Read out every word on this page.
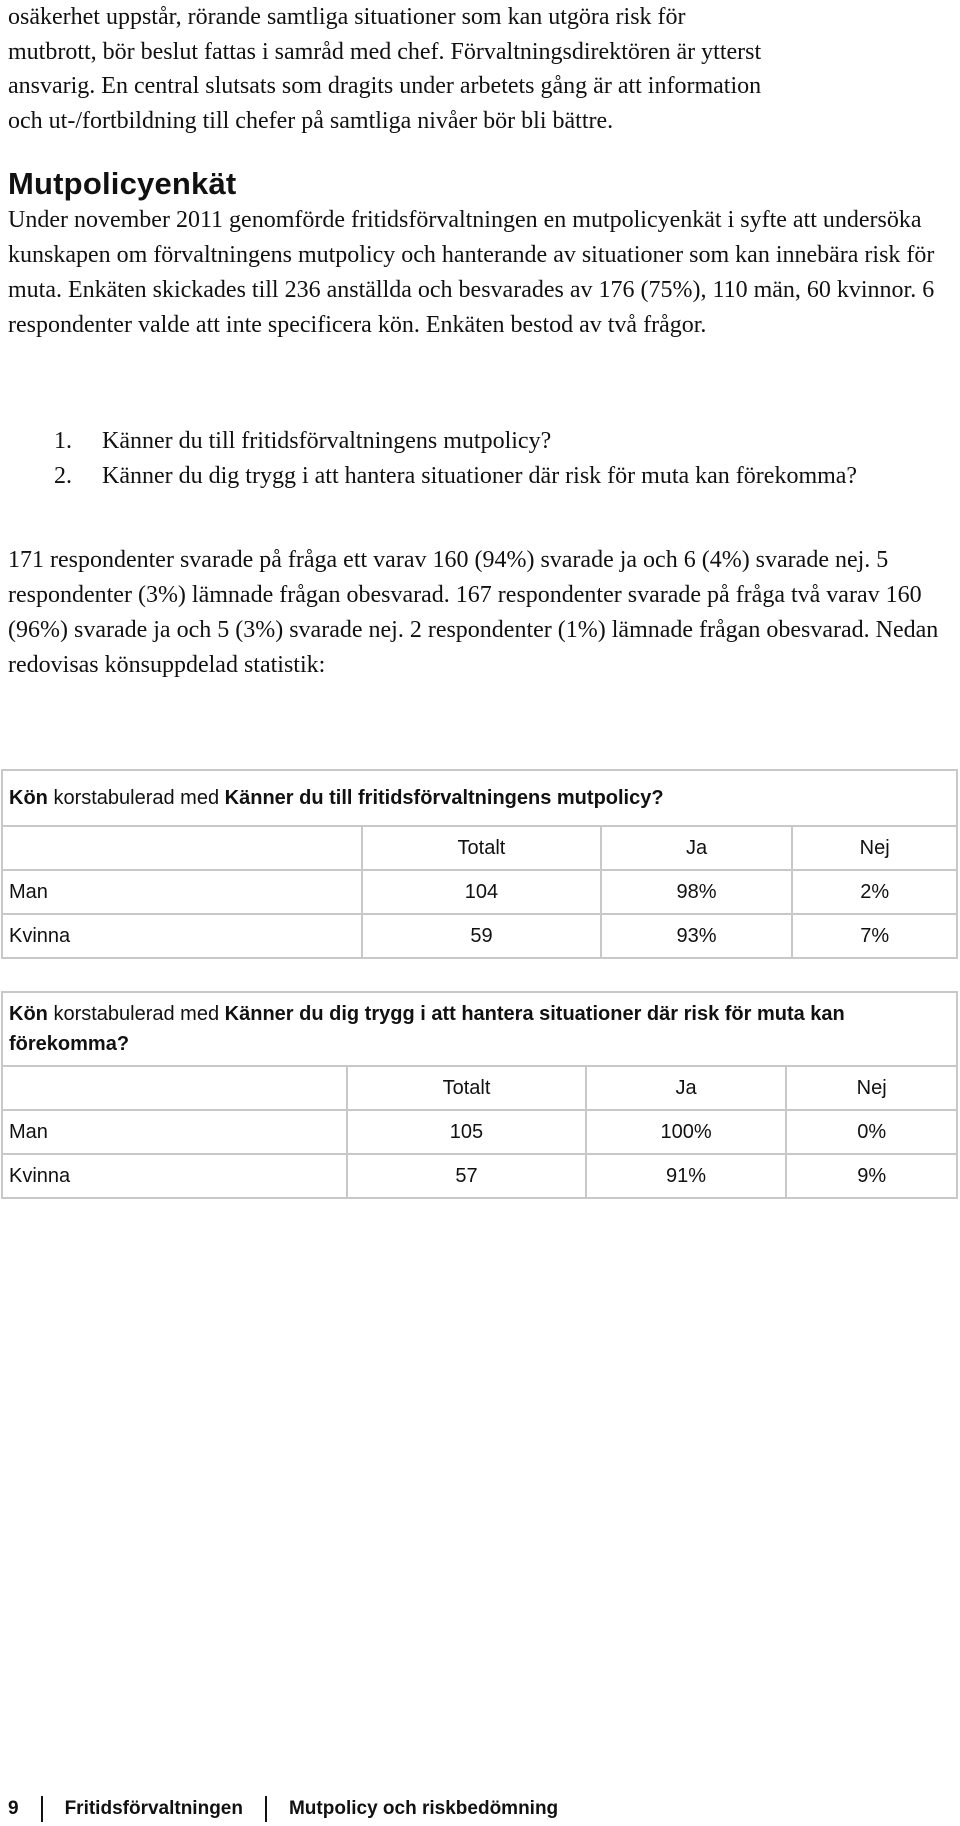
osäkerhet uppstår, rörande samtliga situationer som kan utgöra risk för

mutbrott, bör beslut fattas i samråd med chef. Förvaltningsdirektören är ytterst

ansvarig. En central slutsats som dragits under arbetets gång är att information

och ut-/fortbildning till chefer på samtliga nivåer bör bli bättre.

Mutpolicyenkät

Under november 2011 genomförde fritidsförvaltningen en mutpolicyenkät i syfte att undersöka kunskapen om förvaltningens mutpolicy och hanterande av situationer som kan innebära risk för muta. Enkäten skickades till 236 anställda och besvarades av 176 (75%), 110 män, 60 kvinnor. 6 respondenter valde att inte specificera kön. Enkäten bestod av två frågor.

1. Känner du till fritidsförvaltningens mutpolicy?
2. Känner du dig trygg i att hantera situationer där risk för muta kan förekomma?

171 respondenter svarade på fråga ett varav 160 (94%) svarade ja och 6 (4%) svarade nej. 5 respondenter (3%) lämnade frågan obesvarad. 167 respondenter svarade på fråga två varav 160 (96%) svarade ja och 5 (3%) svarade nej. 2 respondenter (1%) lämnade frågan obesvarad. Nedan redovisas könsuppdelad statistik:

Kön korstabulerad med Känner du till fritidsförvaltningens mutpolicy?			
	Totalt	Ja	Nej
Man	104	98%	2%
Kvinna	59	93%	7%
Kön korstabulerad med Känner du dig trygg i att hantera situationer där risk för muta kan förekomma?			
	Totalt	Ja	Nej
Man	105	100%	0%
Kvinna	57	91%	9%
9 Fritidsförvaltningen Mutpolicy och riskbedömning
